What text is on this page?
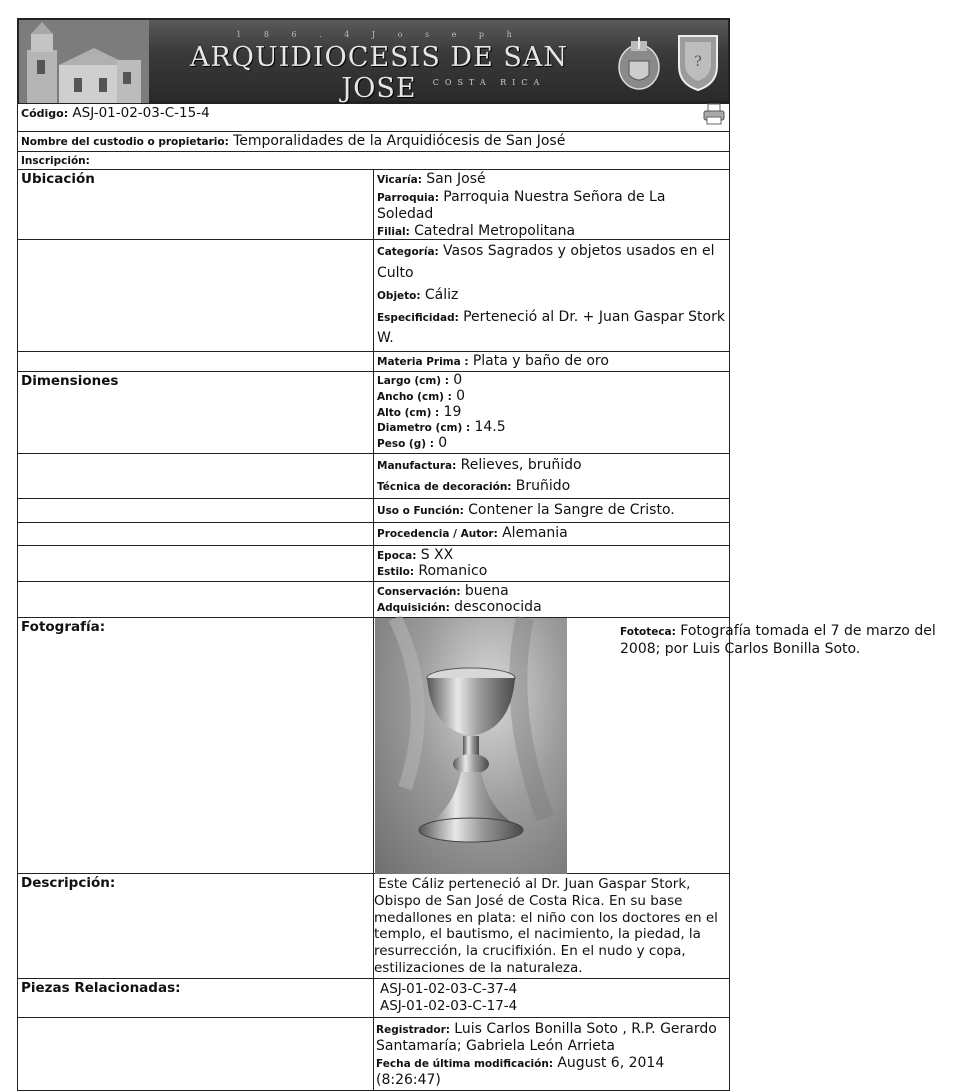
1 8 6 . 4 J o s e p h
ARQUIDIOCESIS DE SAN JOSE	COSTA RICA
?
Código: ASJ-01-02-03-C-15-4	

Nombre del custodio o propietario: Temporalidades de la Arquidiócesis de San José	
Inscripción:	
Ubicación	Vicaría: San José
Parroquia: Parroquia Nuestra Señora de La Soledad
Filial: Catedral Metropolitana

	Categoría: Vasos Sagrados y objetos usados en el Culto
Objeto: Cáliz
Especificidad: Perteneció al Dr. + Juan Gaspar Stork W.

	Materia Prima : Plata y baño de oro
Dimensiones	Largo (cm) : 0
Ancho (cm) : 0
Alto (cm) : 19
Diametro (cm) : 14.5
Peso (g) : 0

	Manufactura: Relieves, bruñido
Técnica de decoración: Bruñido

	Uso o Función: Contener la Sangre de Cristo.
	Procedencia / Autor: Alemania

	Epoca: S XX
Estilo: Romanico

	Conservación: buena
Adquisición: desconocida

Fotografía:	Fototeca: Fotografía tomada el 7 de marzo del 2008; por Luis Carlos Bonilla Soto.

Descripción:	Este Cáliz perteneció al Dr. Juan Gaspar Stork, Obispo de San José de Costa Rica. En su base medallones en plata: el niño con los doctores en el templo, el bautismo, el nacimiento, la piedad, la resurrección, la crucifixión. En el nudo y copa, estilizaciones de la naturaleza.
Piezas Relacionadas:	ASJ-01-02-03-C-37-4
ASJ-01-02-03-C-17-4

	Registrador: Luis Carlos Bonilla Soto , R.P. Gerardo Santamaría; Gabriela León Arrieta
Fecha de última modificación: August 6, 2014 (8:26:47)
